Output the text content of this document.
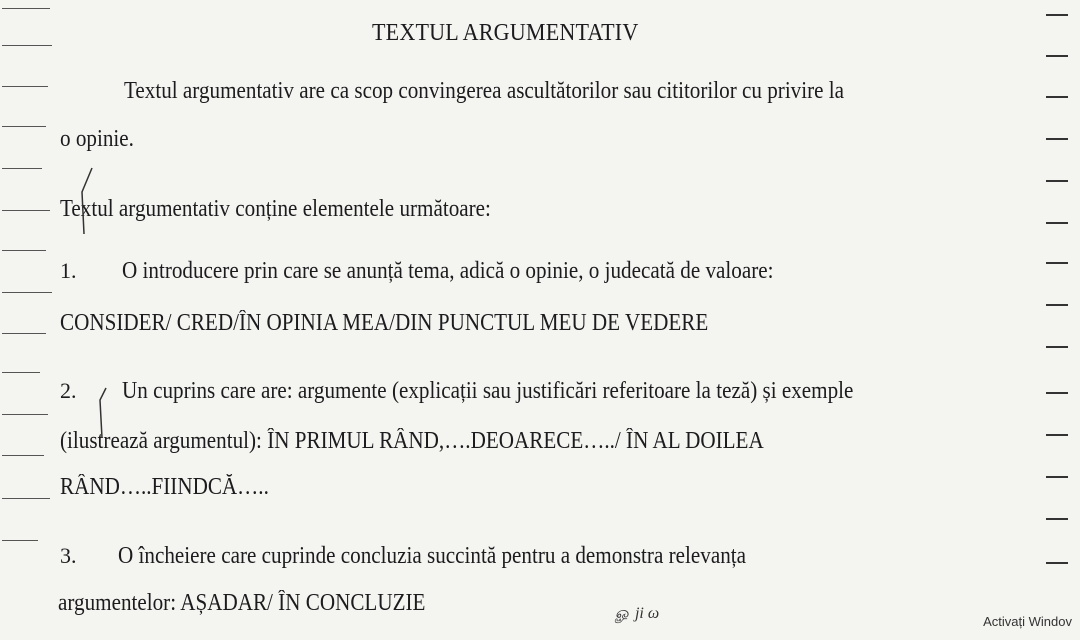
TEXTUL ARGUMENTATIV
Textul argumentativ are ca scop convingerea ascultătorilor sau cititorilor cu privire la
o opinie.
Textul argumentativ conține elementele următoare:
1. O introducere prin care se anunță tema, adică o opinie, o judecată de valoare:
CONSIDER/ CRED/ÎN OPINIA MEA/DIN PUNCTUL MEU DE VEDERE
2. Un cuprins care are: argumente (explicații sau justificări referitoare la teză) și exemple
(ilustrează argumentul): ÎN PRIMUL RÂND,….DEOARECE…../ ÎN AL DOILEA
RÂND…..FIINDCĂ…..
3. O încheiere care cuprinde concluzia succintă pentru a demonstra relevanța
argumentelor: AȘADAR/ ÎN CONCLUZIE	ௐ ji ω	Activați Windov
